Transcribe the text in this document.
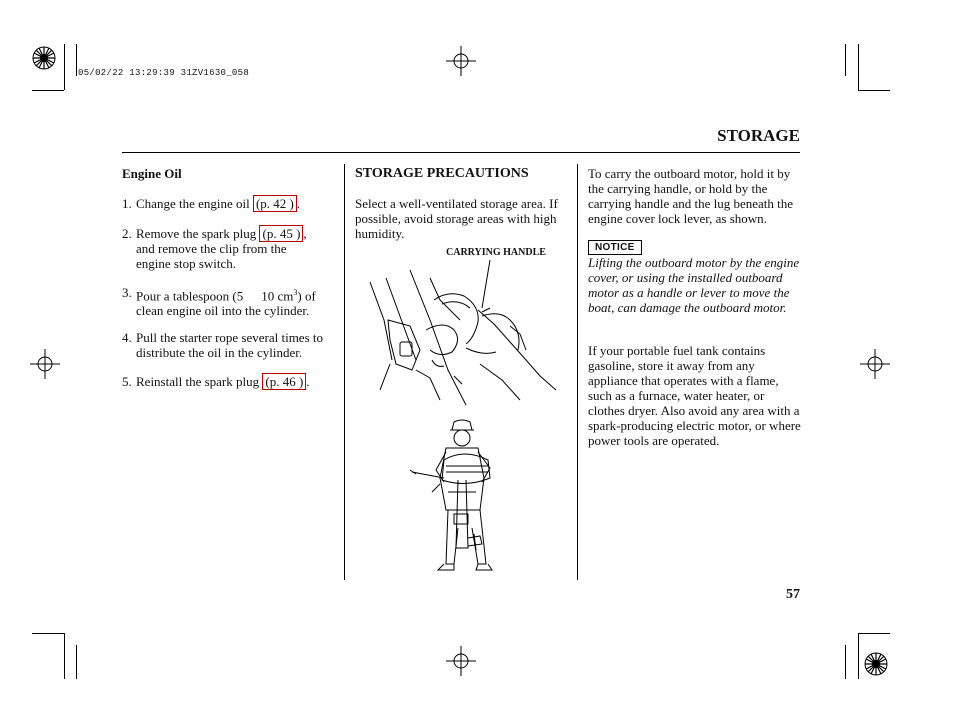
05/02/22 13:29:39 31ZV1630_058
STORAGE
Engine Oil
1. Change the engine oil (p. 42 ) .
2. Remove the spark plug (p. 45 ) ,
and remove the clip from the engine stop switch.
3. Pour a tablespoon (5 10 $cm^3$) of
clean engine oil into the cylinder.
4. Pull the starter rope several times to distribute the oil in the cylinder.
5. Reinstall the spark plug (p. 46 ) .
STORAGE PRECAUTIONS
Select a well-ventilated storage area. If possible, avoid storage areas with high humidity.
CARRYING HANDLE
To carry the outboard motor, hold it by the carrying handle, or hold by the carrying handle and the lug beneath the engine cover lock lever, as shown.
NOTICE
Lifting the outboard motor by the engine cover, or using the installed outboard motor as a handle or lever to move the boat, can damage the outboard motor.
If your portable fuel tank contains gasoline, store it away from any appliance that operates with a flame, such as a furnace, water heater, or clothes dryer. Also avoid any area with a spark-producing electric motor, or where power tools are operated.
57
